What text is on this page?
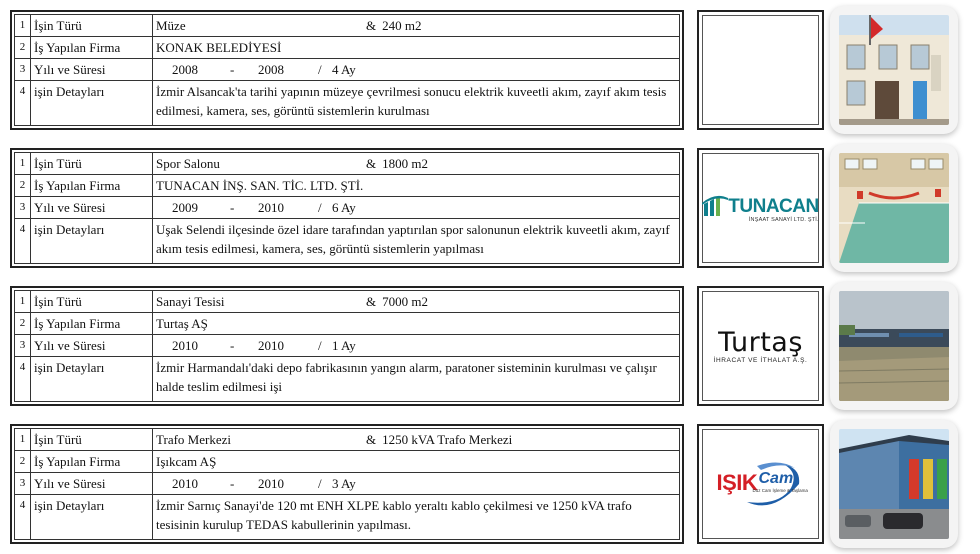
1	İşin Türü	Müze & 240 m2

2	İş Yapılan Firma	KONAK BELEDİYESİ
3	Yılı ve Süresi	2008 - 2008 / 4 Ay

4	işin Detayları	İzmir Alsancak'ta tarihi yapının müzeye çevrilmesi sonucu elektrik kuveetli akım, zayıf akım tesis edilmesi, kamera, ses, görüntü sistemlerin kurulması
1	İşin Türü	Spor Salonu & 1800 m2

2	İş Yapılan Firma	TUNACAN İNŞ. SAN. TİC. LTD. ŞTİ.
3	Yılı ve Süresi	2009 - 2010 / 6 Ay

4	işin Detayları	Uşak Selendi ilçesinde özel idare tarafından yaptırılan spor salonunun elektrik kuveetli akım, zayıf akım tesis edilmesi, kamera, ses, görüntü sistemlerin yapılması
TUNACAN
İNŞAAT SANAYİ LTD. ŞTİ.
1	İşin Türü	Sanayi Tesisi & 7000 m2

2	İş Yapılan Firma	Turtaş AŞ
3	Yılı ve Süresi	2010 - 2010 / 1 Ay

4	işin Detayları	İzmir Harmandalı'daki depo fabrikasının yangın alarm, paratoner sisteminin kurulması ve çalışır halde teslim edilmesi işi
Turtaş
İHRACAT VE İTHALAT A.Ş.
1	İşin Türü	Trafo Merkezi & 1250 kVA Trafo Merkezi

2	İş Yapılan Firma	Işıkcam AŞ
3	Yılı ve Süresi	2010 - 2010 / 3 Ay

4	işin Detayları	İzmir Sarnıç Sanayi'de 120 mt ENH XLPE kablo yeraltı kablo çekilmesi ve 1250 kVA trafo tesisinin kurulup TEDAS kabullerinin yapılması.
IŞIK Cam
Düz Cam İşleme & Taşlama
